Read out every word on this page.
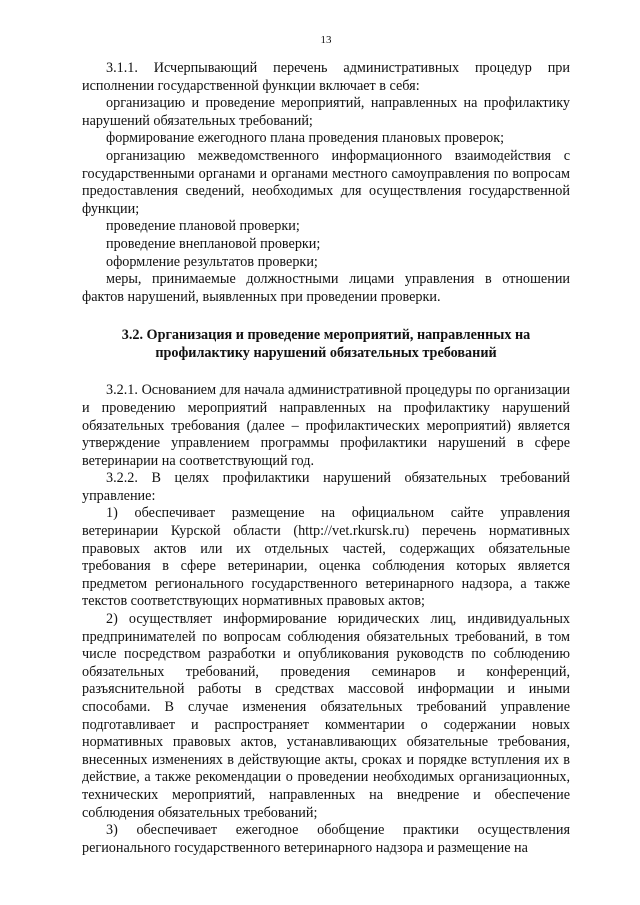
13

3.1.1. Исчерпывающий перечень административных процедур при исполнении государственной функции включает в себя:

организацию и проведение мероприятий, направленных на профилактику нарушений обязательных требований;

формирование ежегодного плана проведения плановых проверок;

организацию межведомственного информационного взаимодействия с государственными органами и органами местного самоуправления по вопросам предоставления сведений, необходимых для осуществления государственной функции;

проведение плановой проверки;

проведение внеплановой проверки;

оформление результатов проверки;

меры, принимаемые должностными лицами управления в отношении фактов нарушений, выявленных при проведении проверки.

3.2. Организация и проведение мероприятий, направленных на профилактику нарушений обязательных требований

3.2.1. Основанием для начала административной процедуры по организации и проведению мероприятий направленных на профилактику нарушений обязательных требования (далее – профилактических мероприятий) является утверждение управлением программы профилактики нарушений в сфере ветеринарии на соответствующий год.

3.2.2. В целях профилактики нарушений обязательных требований управление:

1) обеспечивает размещение на официальном сайте управления ветеринарии Курской области (http://vet.rkursk.ru) перечень нормативных правовых актов или их отдельных частей, содержащих обязательные требования в сфере ветеринарии, оценка соблюдения которых является предметом регионального государственного ветеринарного надзора, а также текстов соответствующих нормативных правовых актов;

2) осуществляет информирование юридических лиц, индивидуальных предпринимателей по вопросам соблюдения обязательных требований, в том числе посредством разработки и опубликования руководств по соблюдению обязательных требований, проведения семинаров и конференций, разъяснительной работы в средствах массовой информации и иными способами. В случае изменения обязательных требований управление подготавливает и распространяет комментарии о содержании новых нормативных правовых актов, устанавливающих обязательные требования, внесенных изменениях в действующие акты, сроках и порядке вступления их в действие, а также рекомендации о проведении необходимых организационных, технических мероприятий, направленных на внедрение и обеспечение соблюдения обязательных требований;

3) обеспечивает ежегодное обобщение практики осуществления регионального государственного ветеринарного надзора и размещение на
